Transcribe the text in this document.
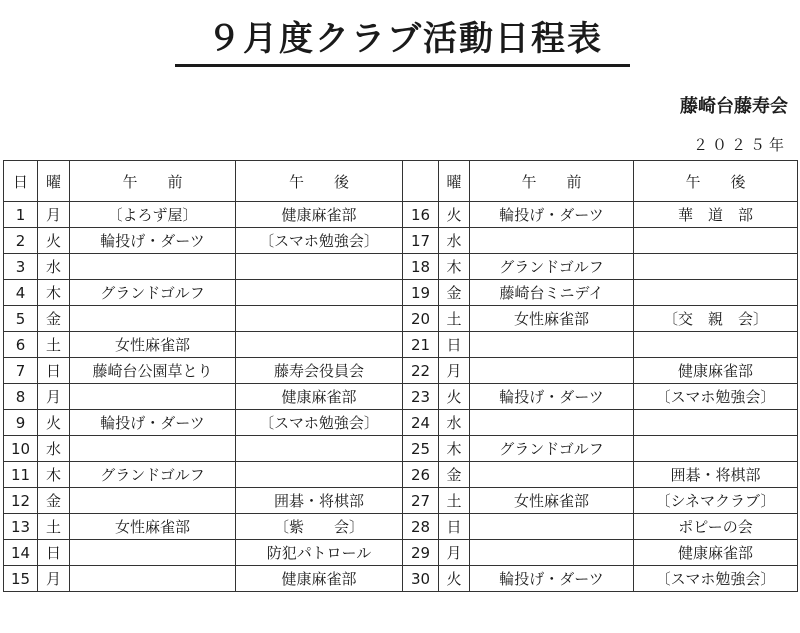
９月度クラブ活動日程表
藤崎台藤寿会
２０２５年
日	曜	午　　前	午　　後		曜	午　　前	午　　後
1	月	〔よろず屋〕	健康麻雀部	16	火	輪投げ・ダーツ	華　道　部
2	火	輪投げ・ダーツ	〔スマホ勉強会〕	17	水		
3	水			18	木	グランドゴルフ	
4	木	グランドゴルフ		19	金	藤崎台ミニデイ	
5	金			20	土	女性麻雀部	〔交　親　会〕
6	土	女性麻雀部		21	日		
7	日	藤崎台公園草とり	藤寿会役員会	22	月		健康麻雀部
8	月		健康麻雀部	23	火	輪投げ・ダーツ	〔スマホ勉強会〕
9	火	輪投げ・ダーツ	〔スマホ勉強会〕	24	水		
10	水			25	木	グランドゴルフ	
11	木	グランドゴルフ		26	金		囲碁・将棋部
12	金		囲碁・将棋部	27	土	女性麻雀部	〔シネマクラブ〕
13	土	女性麻雀部	〔紫　　会〕	28	日		ポピーの会
14	日		防犯パトロール	29	月		健康麻雀部
15	月		健康麻雀部	30	火	輪投げ・ダーツ	〔スマホ勉強会〕
